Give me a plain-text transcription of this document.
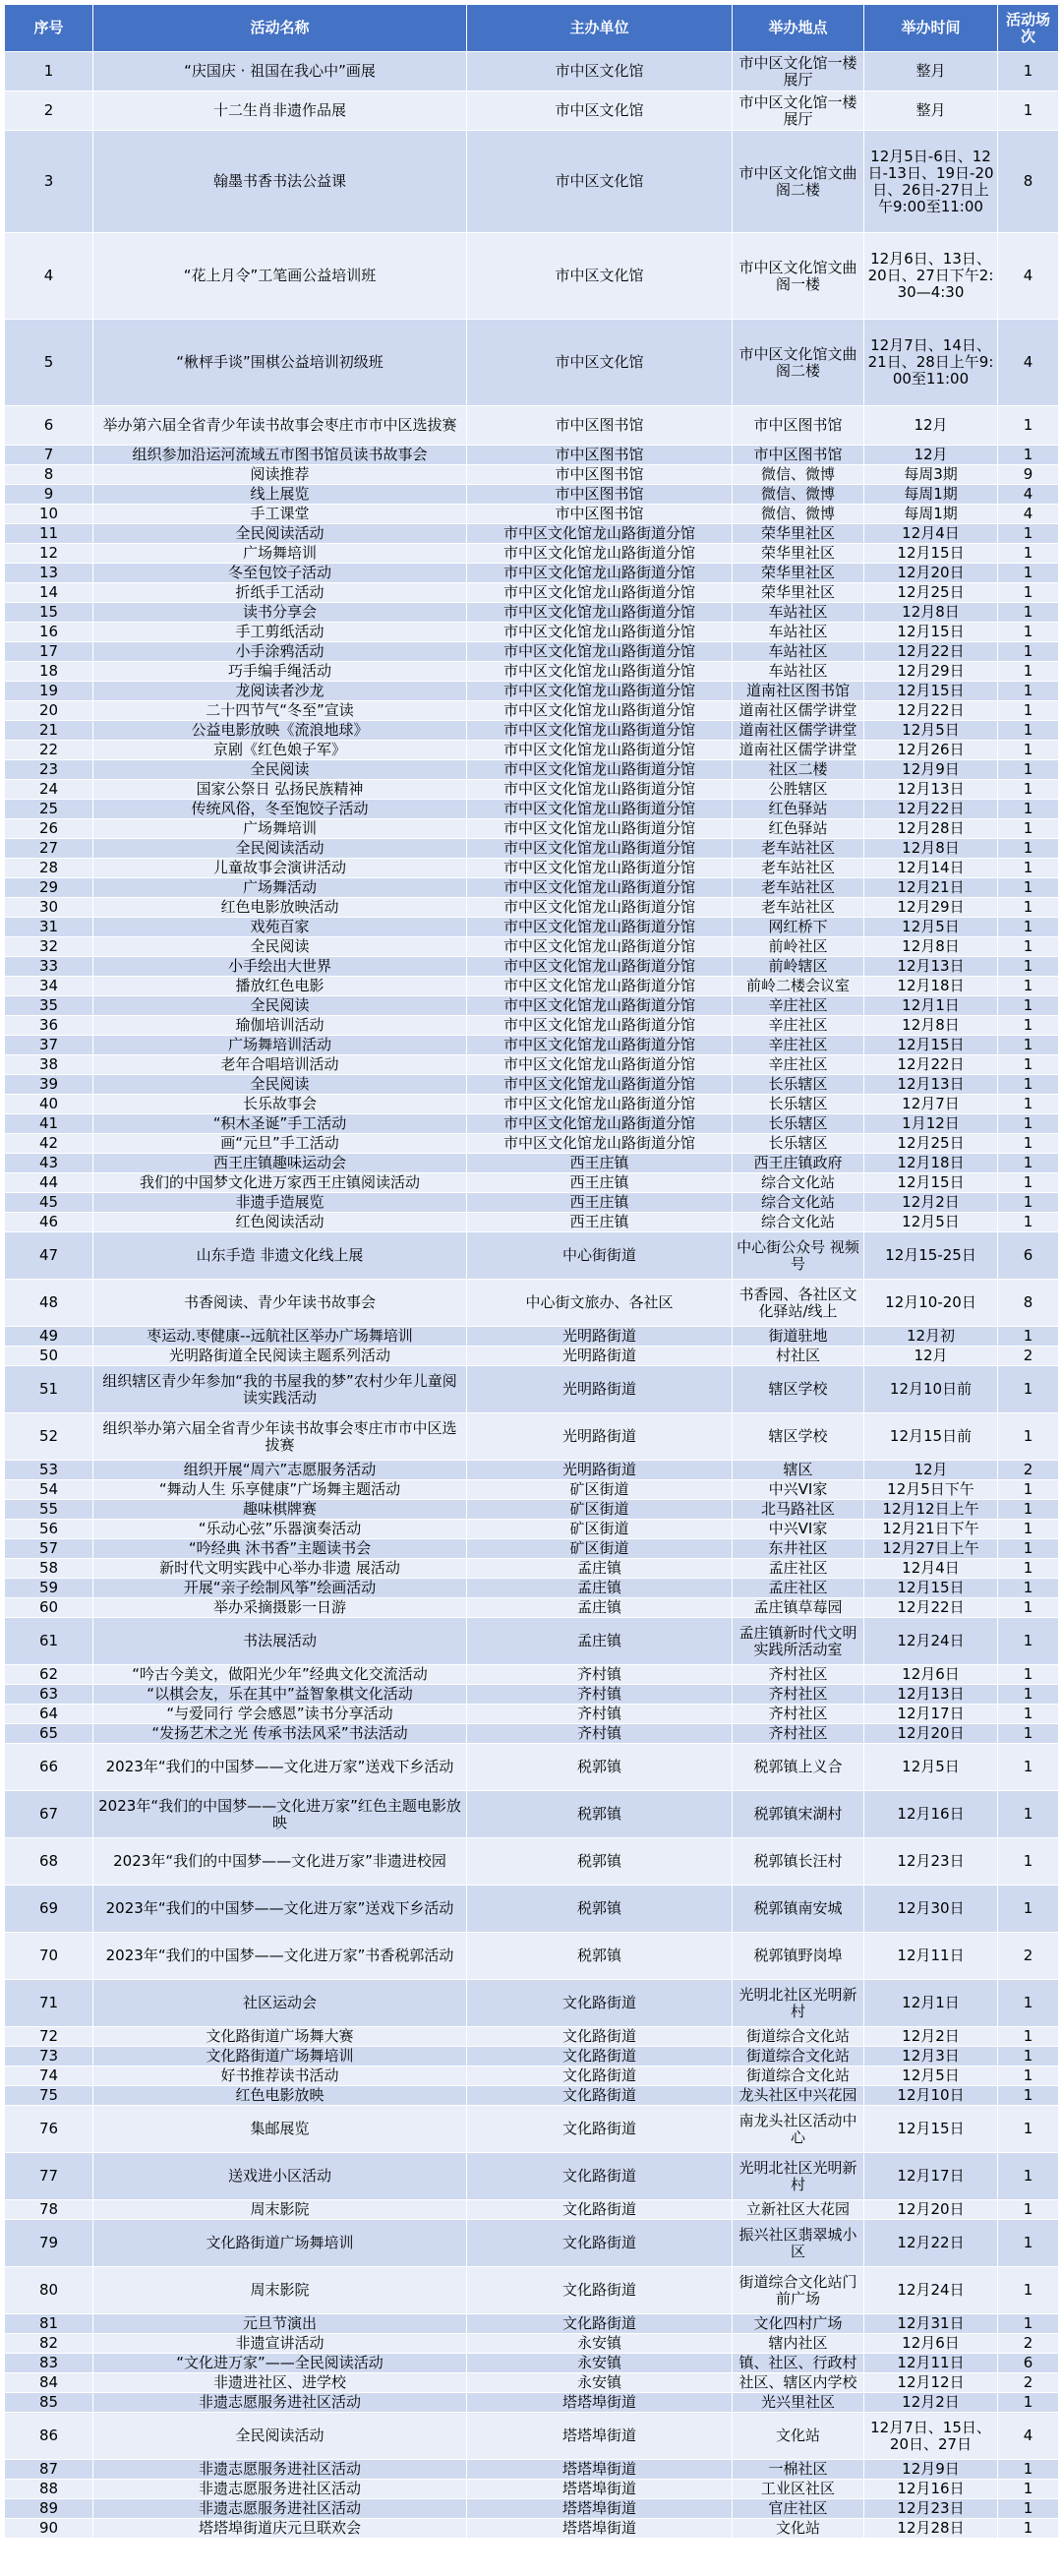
序号	活动名称	主办单位	举办地点	举办时间	活动场次
1	“庆国庆 · 祖国在我心中”画展	市中区文化馆	市中区文化馆一楼展厅	整月	1
2	十二生肖非遗作品展	市中区文化馆	市中区文化馆一楼展厅	整月	1
3	翰墨书香书法公益课	市中区文化馆	市中区文化馆文曲阁二楼	12月5日-6日、12日-13日、19日-20日、26日-27日上午9:00至11:00	8
4	“花上月令”工笔画公益培训班	市中区文化馆	市中区文化馆文曲阁一楼	12月6日、13日、20日、27日下午2:30—4:30	4
5	“楸枰手谈”围棋公益培训初级班	市中区文化馆	市中区文化馆文曲阁二楼	12月7日、14日、21日、28日上午9:00至11:00	4
6	举办第六届全省青少年读书故事会枣庄市市中区选拔赛	市中区图书馆	市中区图书馆	12月	1
7	组织参加沿运河流域五市图书馆员读书故事会	市中区图书馆	市中区图书馆	12月	1
8	阅读推荐	市中区图书馆	微信、微博	每周3期	9
9	线上展览	市中区图书馆	微信、微博	每周1期	4
10	手工课堂	市中区图书馆	微信、微博	每周1期	4
11	全民阅读活动	市中区文化馆龙山路街道分馆	荣华里社区	12月4日	1
12	广场舞培训	市中区文化馆龙山路街道分馆	荣华里社区	12月15日	1
13	冬至包饺子活动	市中区文化馆龙山路街道分馆	荣华里社区	12月20日	1
14	折纸手工活动	市中区文化馆龙山路街道分馆	荣华里社区	12月25日	1
15	读书分享会	市中区文化馆龙山路街道分馆	车站社区	12月8日	1
16	手工剪纸活动	市中区文化馆龙山路街道分馆	车站社区	12月15日	1
17	小手涂鸦活动	市中区文化馆龙山路街道分馆	车站社区	12月22日	1
18	巧手编手绳活动	市中区文化馆龙山路街道分馆	车站社区	12月29日	1
19	龙阅读者沙龙	市中区文化馆龙山路街道分馆	道南社区图书馆	12月15日	1
20	二十四节气“冬至”宣读	市中区文化馆龙山路街道分馆	道南社区儒学讲堂	12月22日	1
21	公益电影放映《流浪地球》	市中区文化馆龙山路街道分馆	道南社区儒学讲堂	12月5日	1
22	京剧《红色娘子军》	市中区文化馆龙山路街道分馆	道南社区儒学讲堂	12月26日	1
23	全民阅读	市中区文化馆龙山路街道分馆	社区二楼	12月9日	1
24	国家公祭日 弘扬民族精神	市中区文化馆龙山路街道分馆	公胜辖区	12月13日	1
25	传统风俗，冬至饱饺子活动	市中区文化馆龙山路街道分馆	红色驿站	12月22日	1
26	广场舞培训	市中区文化馆龙山路街道分馆	红色驿站	12月28日	1
27	全民阅读活动	市中区文化馆龙山路街道分馆	老车站社区	12月8日	1
28	儿童故事会演讲活动	市中区文化馆龙山路街道分馆	老车站社区	12月14日	1
29	广场舞活动	市中区文化馆龙山路街道分馆	老车站社区	12月21日	1
30	红色电影放映活动	市中区文化馆龙山路街道分馆	老车站社区	12月29日	1
31	戏苑百家	市中区文化馆龙山路街道分馆	网红桥下	12月5日	1
32	全民阅读	市中区文化馆龙山路街道分馆	前岭社区	12月8日	1
33	小手绘出大世界	市中区文化馆龙山路街道分馆	前岭辖区	12月13日	1
34	播放红色电影	市中区文化馆龙山路街道分馆	前岭二楼会议室	12月18日	1
35	全民阅读	市中区文化馆龙山路街道分馆	辛庄社区	12月1日	1
36	瑜伽培训活动	市中区文化馆龙山路街道分馆	辛庄社区	12月8日	1
37	广场舞培训活动	市中区文化馆龙山路街道分馆	辛庄社区	12月15日	1
38	老年合唱培训活动	市中区文化馆龙山路街道分馆	辛庄社区	12月22日	1
39	全民阅读	市中区文化馆龙山路街道分馆	长乐辖区	12月13日	1
40	长乐故事会	市中区文化馆龙山路街道分馆	长乐辖区	12月7日	1
41	“积木圣诞”手工活动	市中区文化馆龙山路街道分馆	长乐辖区	1月12日	1
42	画“元旦”手工活动	市中区文化馆龙山路街道分馆	长乐辖区	12月25日	1
43	西王庄镇趣味运动会	西王庄镇	西王庄镇政府	12月18日	1
44	我们的中国梦文化进万家西王庄镇阅读活动	西王庄镇	综合文化站	12月15日	1
45	非遗手造展览	西王庄镇	综合文化站	12月2日	1
46	红色阅读活动	西王庄镇	综合文化站	12月5日	1
47	山东手造 非遗文化线上展	中心街街道	中心街公众号 视频号	12月15-25日	6
48	书香阅读、青少年读书故事会	中心街文旅办、各社区	书香园、各社区文化驿站/线上	12月10-20日	8
49	枣运动.枣健康--远航社区举办广场舞培训	光明路街道	街道驻地	12月初	1
50	光明路街道全民阅读主题系列活动	光明路街道	村社区	12月	2
51	组织辖区青少年参加“我的书屋我的梦”农村少年儿童阅读实践活动	光明路街道	辖区学校	12月10日前	1
52	组织举办第六届全省青少年读书故事会枣庄市市中区选拔赛	光明路街道	辖区学校	12月15日前	1
53	组织开展“周六”志愿服务活动	光明路街道	辖区	12月	2
54	“舞动人生 乐享健康”广场舞主题活动	矿区街道	中兴VI家	12月5日下午	1
55	趣味棋牌赛	矿区街道	北马路社区	12月12日上午	1
56	“乐动心弦”乐器演奏活动	矿区街道	中兴VI家	12月21日下午	1
57	“吟经典 沐书香”主题读书会	矿区街道	东井社区	12月27日上午	1
58	新时代文明实践中心举办非遗 展活动	孟庄镇	孟庄社区	12月4日	1
59	开展“亲子绘制风筝”绘画活动	孟庄镇	孟庄社区	12月15日	1
60	举办采摘摄影一日游	孟庄镇	孟庄镇草莓园	12月22日	1
61	书法展活动	孟庄镇	孟庄镇新时代文明实践所活动室	12月24日	1
62	“吟古今美文，做阳光少年”经典文化交流活动	齐村镇	齐村社区	12月6日	1
63	“以棋会友，乐在其中”益智象棋文化活动	齐村镇	齐村社区	12月13日	1
64	“与爱同行 学会感恩”读书分享活动	齐村镇	齐村社区	12月17日	1
65	“发扬艺术之光 传承书法风采”书法活动	齐村镇	齐村社区	12月20日	1
66	2023年“我们的中国梦——文化进万家”送戏下乡活动	税郭镇	税郭镇上义合	12月5日	1
67	2023年“我们的中国梦——文化进万家”红色主题电影放映	税郭镇	税郭镇宋湖村	12月16日	1
68	2023年“我们的中国梦——文化进万家”非遗进校园	税郭镇	税郭镇长汪村	12月23日	1
69	2023年“我们的中国梦——文化进万家”送戏下乡活动	税郭镇	税郭镇南安城	12月30日	1
70	2023年“我们的中国梦——文化进万家”书香税郭活动	税郭镇	税郭镇野岗埠	12月11日	2
71	社区运动会	文化路街道	光明北社区光明新村	12月1日	1
72	文化路街道广场舞大赛	文化路街道	街道综合文化站	12月2日	1
73	文化路街道广场舞培训	文化路街道	街道综合文化站	12月3日	1
74	好书推荐读书活动	文化路街道	街道综合文化站	12月5日	1
75	红色电影放映	文化路街道	龙头社区中兴花园	12月10日	1
76	集邮展览	文化路街道	南龙头社区活动中心	12月15日	1
77	送戏进小区活动	文化路街道	光明北社区光明新村	12月17日	1
78	周末影院	文化路街道	立新社区大花园	12月20日	1
79	文化路街道广场舞培训	文化路街道	振兴社区翡翠城小区	12月22日	1
80	周末影院	文化路街道	街道综合文化站门前广场	12月24日	1
81	元旦节演出	文化路街道	文化四村广场	12月31日	1
82	非遗宣讲活动	永安镇	辖内社区	12月6日	2
83	“文化进万家”——全民阅读活动	永安镇	镇、社区、行政村	12月11日	6
84	非遗进社区、进学校	永安镇	社区、辖区内学校	12月12日	2
85	非遗志愿服务进社区活动	塔塔埠街道	光兴里社区	12月2日	1
86	全民阅读活动	塔塔埠街道	文化站	12月7日、15日、20日、27日	4
87	非遗志愿服务进社区活动	塔塔埠街道	一棉社区	12月9日	1
88	非遗志愿服务进社区活动	塔塔埠街道	工业区社区	12月16日	1
89	非遗志愿服务进社区活动	塔塔埠街道	官庄社区	12月23日	1
90	塔塔埠街道庆元旦联欢会	塔塔埠街道	文化站	12月28日	1
